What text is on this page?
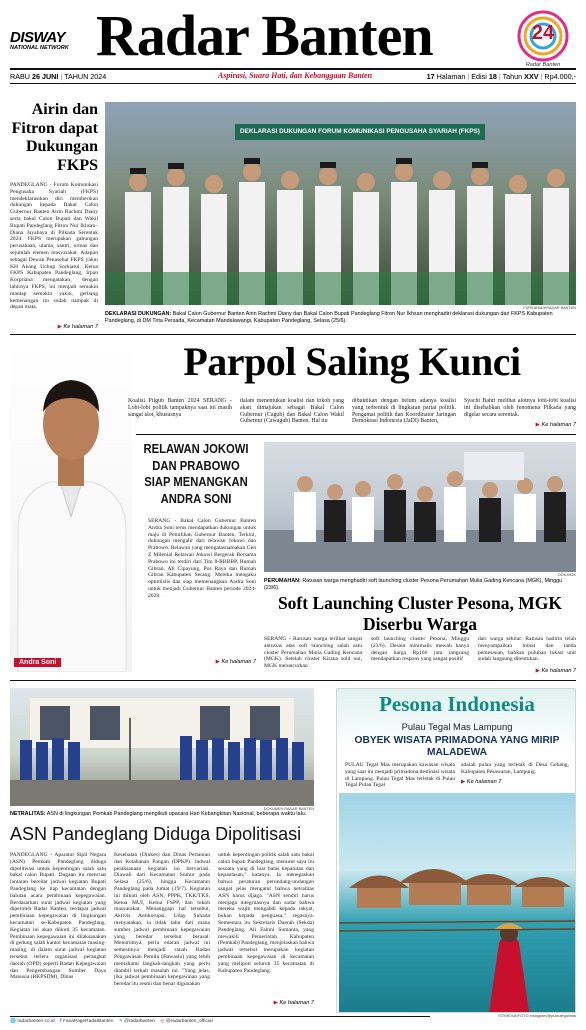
DISWAY
NATIONAL NETWORK Radar Banten	24
Radar Banten
RABU 26 JUNI | TAHUN 2024	Aspirasi, Suara Hati, dan Kebanggaan Banten	17 Halaman | Edisi 18 | Tahun XXV | Rp4.000,-
Airin dan Fitron dapat Dukungan FKPS
PANDEGLANG - Forum Komunikasi Pengusaha Syariah (FKPS) mendeklarasikan diri memberikan dukungan kepada Bakal Calon Gubernur Banten Airin Rachmi Diany serta bakal Calon Bupati dan Wakil Bupati Pandeglang Fitron Nur Ikhsan–Diana Jayabaya di Pilkada Serentak 2024. FKPS merupakan gabungan perusahaan, ulama, santri, ormas dan sejumlah elemen masyarakat. Adapun sebagai Dewan Penasehat FKPS yakni KH Akang Uchup Sorkiatul. Ketua FKPS Kabupaten Pandeglang, Irpan Korpriana mengatakan, dengan lahirnya FKPS, ini menjadi semakin mantap semakin yakin, gerbang kemenangan itu sudah nampak di depan mata.
▶ Ke halaman 7
DEKLARASI DUKUNGAN FORUM KOMUNIKASI PENGUSAHA SYARIAH (FKPS)
FURKANIAH/RADAR BANTEN
DEKLARASI DUKUNGAN: Bakal Calon Gubernur Banten Airin Rachmi Diany dan Bakal Calon Bupati Pandeglang Fitron Nur Ikhsan menghadiri deklarasi dukungan dari FKPS Kabupaten Pandeglang, di DM Tirta Persada, Kecamatan Mandalawangi, Kabupaten Pandeglang, Selasa (25/6).
Andra Soni
Parpol Saling Kunci
Koalisi Pilgub Banten 2024 SERANG - Lobi-lobi politik tampaknya saat ini masih sangat alot, khususnya
dalam menentukan koalisi dan tokoh yang akan dimajukan sebagai Bakal Calon Gubernur (Cagub) dan Bakal Calon Wakil Gubernur (Cawagub) Banten. Hal itu
dibuktikan dengan belum adanya koalisi yang terbentuk di lingkaran partai politik. Pengamat politik dan Koordinator Jaringan Demokrasi Indonesia (JaDI) Banten,
Syachi Bahri melihat alotnya lobi-lobi koalisi ini disebabkan oleh fenomena Pilkada yang digelar secara serentak.
▶ Ke halaman 7
RELAWAN JOKOWI DAN PRABOWO SIAP MENANGKAN ANDRA SONI
SERANG - Bakal Calon Gubernur Banten Andra Soni terus mendapatkan dukungan untuk maju di Pemilihan Gubernur Banten. Terkini, dukungan mengalir dari relawan Jokowi dan Prabowo. Relawan yang mengatasnamakan Gen Z Milenial Relawan Jokowi Bergerak Bersama Prabowo ini terdiri dari Tim 8-RBBBP, Rumah Gibran, All Cipayung, Pos Raya dan Rumah Gibran Kabupaten Serang. Mereka mengaku optimistis dan siap memenangkan Andra Soni untuk menjadi Gubernur Banten periode 2024-2028.
▶ Ke halaman 7
DOK/MGK
PERUMAHAN: Ratusan warga menghadiri soft launching cluster Pesona Perumahan Mulia Gading Kencana (MGK), Minggu (23/6).
Soft Launching Cluster Pesona, MGK Diserbu Warga
SERANG - Ratusan warga terlibat sangat antusias atas soft launching salah satu cluster Perumahan Mulia Gading Kencana (MGK). Setelah cluster Kirana sold out, MGK meluncurkan
soft launching cluster Pesona, Minggu (23/6). Desain minimalis mewah hanya dengan harga Rp166 juta langsung mendapatkan respons yang sangat positif
dari warga sekitar. Ratusan hadirin telah menyampaikan minat dan tanda pemesanan, bahkan puluhan lokasi unit sudah langsung ditentukan.
▶ Ke halaman 7
DOKUMEN RADAR BANTEN
NETRALITAS: ASN di lingkungan Pemkab Pandeglang mengikuti upacara Hari Kebangkitan Nasional, beberapa waktu lalu.
ASN Pandeglang Diduga Dipolitisasi
PANDEGLANG - Aparatur Sipil Negara (ASN) Pemkab Pandeglang diduga dipolitisasi untuk kepentingan salah satu bakal calon Bupati. Dugaan itu mencuat lantaran beredar jadwal kegiatan Bupati Pandeglang ke tiap kecamatan dengan balutan acara pembinaan kepegawaian. Berdasarkan surat jadwal kegiatan yang diperoleh Radar Banten, terdapat jadwal pembinaan kepegawaian di lingkungan kecamatan se-Kabupaten Pandeglang. Kegiatan ini akan diikuti 35 kecamatan. Pembinaan kepegawaian ini dilaksanakan di gedung salah kantor kecamatan masing-masing, di dalam surat jadwal kegiatan tersebut terlera organisasi perangkat daerah (OPD) seperti Badan Kepegawaian dan Pengembangan Sumber Daya Manusia (BKPSDM), Dinas
Kesehatan (Dinkes) dan Dinas Pertanian dan Ketahanan Pangan (DPKP). Jadwal pelaksanaan kegiatan ini bervariasi. Diawali dari Kecamatan Sumur pada Selasa (25/6), hingga Kecamatan Pandeglang pada Jumat (19/7). Kegiatan ini diikuti oleh ASN, PPPK, TKK/TKS, Ketua MUI, Ketua FSPP, dan tokoh masyarakat. Menanggapi hal tersebut, Aktivis Antikorupsi, Uday Suhada menyatakan, ia tidak tahu dari mana sumber jadwal pembinaan kepegawaian yang beredar tersebut berasal. Menurutnya, perlu edaran jadwal ini semestinya menjadi ranah Badan Pengawasan Pemilu (Bawaslu) yang lebih memahami langkah-langkah yang perlu diambil terkait masalah ini. "Yang jelas, jika jadwal pembinaan kepegawaian yang beredar itu resmi dan benar digunakan
untuk kepentingan politik salah satu bakal calon bupati Pandeglang, menurut saya itu sesuatu yang di luar batas kepatutan dan kepantasan," katanya. Ia menegaskan bahwa peraturan perundang-undangan sangat jelas mengatur bahwa netralitas ASN harus dijaga. "ASN sendiri harus menjaga integritasnya dan sadar bahwa mereka wajib mengabdi kepada rakyat, bukan kepada penguasa," tegasnya. Sementara itu Sekretaris Daerah (Sekda) Pandeglang, Ali Fahmi Sumanta, yang mewakili Pemerintah Kabupaten (Pemkab) Pandeglang, menjelaskan bahwa jadwal tersebut merupakan kegiatan pembinaan kepegawaian di kecamatan yang meliputi seluruh 35 kecamatan di Kabupaten Pandeglang.
▶ Ke halaman 7
Pesona Indonesia
Pulau Tegal Mas Lampung
OBYEK WISATA PRIMADONA YANG MIRIP MALADEWA
PULAU Tegal Mas merupakan kawasan wisata yang saat ini menjadi primadona destinasi wisata di Lampung. Pulau Tegal Mas terletak di Pulau Tegal Pulau Tegal
adalah pulau yang terletak di Desa Gebang, Kabupaten Pesawaran, Lampung.
▶ Ke halaman 7
ISTIMEWA/FOTO Instagram/@pulautegalmas
🌐 radarbanten.co.id f FanaPageRadarBanten ✕ @radarbanten ◎ @radarbanten_official
